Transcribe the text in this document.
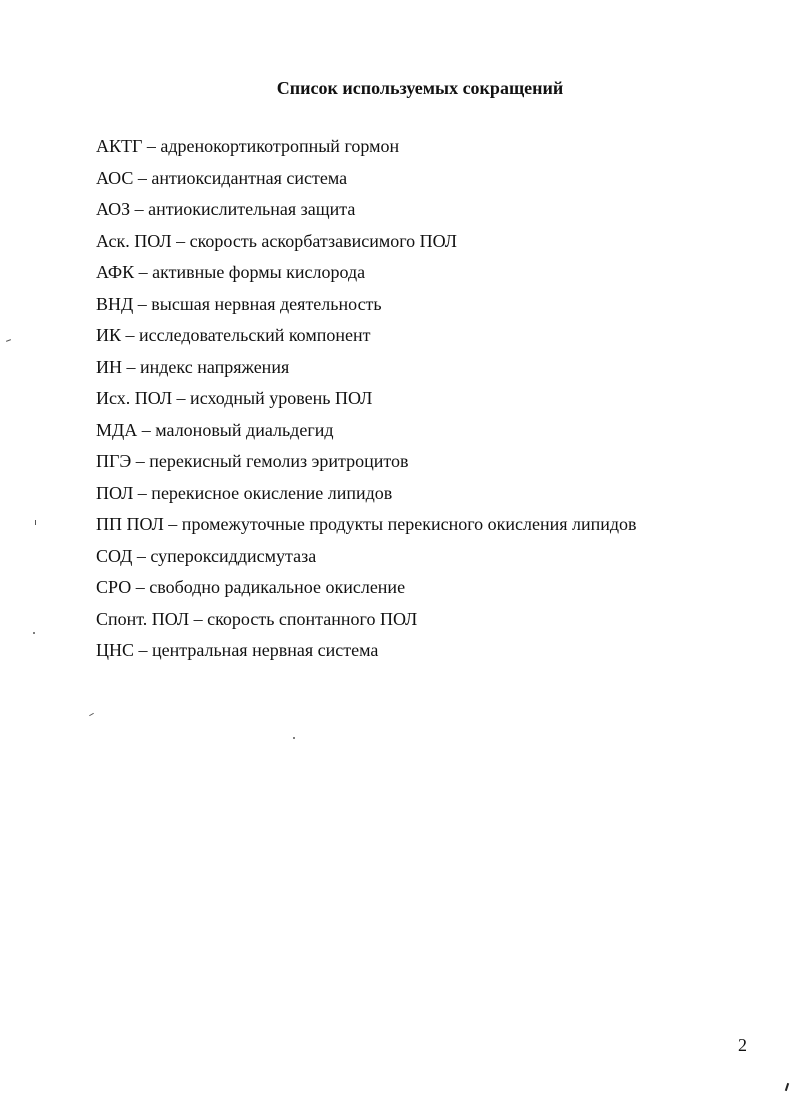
Список используемых сокращений
АКТГ – адренокортикотропный гормон
АОС – антиоксидантная система
АОЗ – антиокислительная защита
Аск. ПОЛ – скорость аскорбатзависимого ПОЛ
АФК – активные формы кислорода
ВНД – высшая нервная деятельность
ИК – исследовательский компонент
ИН – индекс напряжения
Исх. ПОЛ – исходный уровень ПОЛ
МДА – малоновый диальдегид
ПГЭ – перекисный гемолиз эритроцитов
ПОЛ – перекисное окисление липидов
ПП ПОЛ – промежуточные продукты перекисного окисления липидов
СОД – супероксиддисмутаза
СРО – свободно радикальное окисление
Спонт. ПОЛ – скорость спонтанного ПОЛ
ЦНС – центральная нервная система
2
